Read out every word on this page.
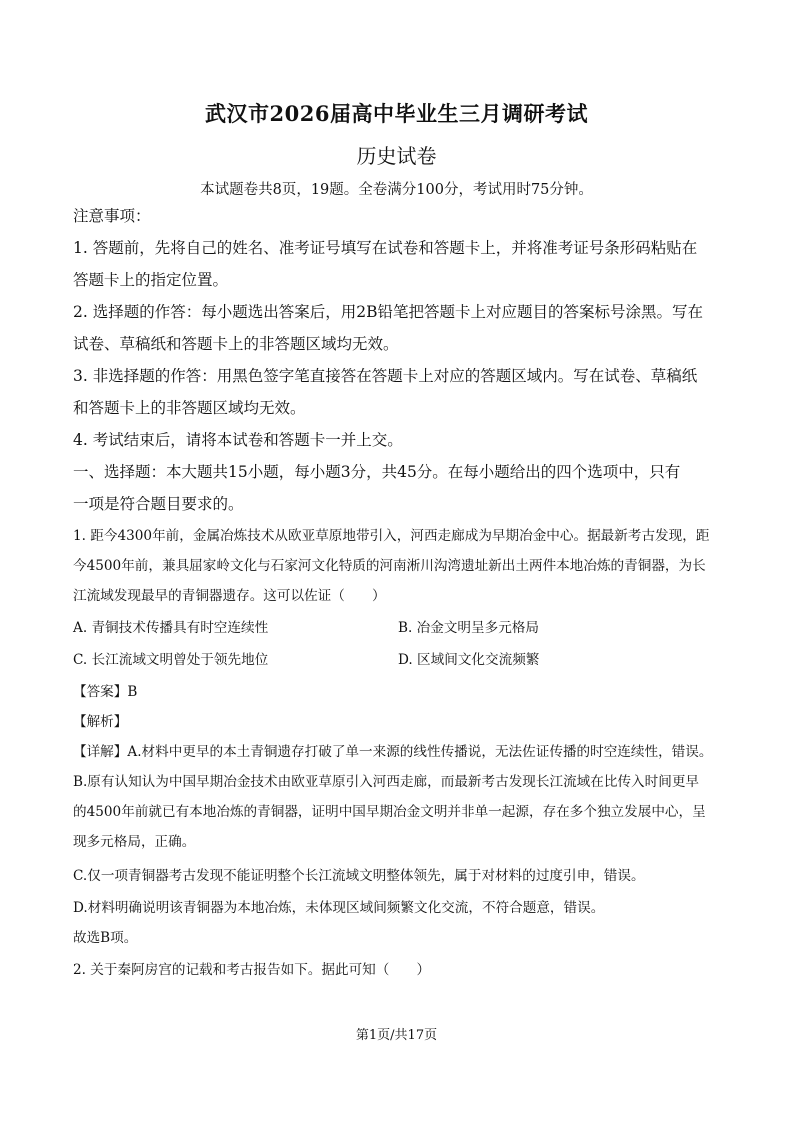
武汉市2026届高中毕业生三月调研考试
历史试卷
本试题卷共8页，19题。全卷满分100分，考试用时75分钟。
注意事项：
1. 答题前，先将自己的姓名、准考证号填写在试卷和答题卡上，并将准考证号条形码粘贴在
答题卡上的指定位置。
2. 选择题的作答：每小题选出答案后，用2B铅笔把答题卡上对应题目的答案标号涂黑。写在
试卷、草稿纸和答题卡上的非答题区域均无效。
3. 非选择题的作答：用黑色签字笔直接答在答题卡上对应的答题区域内。写在试卷、草稿纸
和答题卡上的非答题区域均无效。
4. 考试结束后，请将本试卷和答题卡一并上交。
一、选择题：本大题共15小题，每小题3分，共45分。在每小题给出的四个选项中，只有
一项是符合题目要求的。
1. 距今4300年前，金属冶炼技术从欧亚草原地带引入，河西走廊成为早期冶金中心。据最新考古发现，距
今4500年前，兼具屈家岭文化与石家河文化特质的河南淅川沟湾遗址新出土两件本地冶炼的青铜器，为长
江流域发现最早的青铜器遗存。这可以佐证（　　）
A. 青铜技术传播具有时空连续性	B. 冶金文明呈多元格局
C. 长江流域文明曾处于领先地位	D. 区域间文化交流频繁
【答案】B
【解析】
【详解】A.材料中更早的本土青铜遗存打破了单一来源的线性传播说，无法佐证传播的时空连续性，错误。
B.原有认知认为中国早期冶金技术由欧亚草原引入河西走廊，而最新考古发现长江流域在比传入时间更早
的4500年前就已有本地冶炼的青铜器，证明中国早期冶金文明并非单一起源，存在多个独立发展中心，呈
现多元格局，正确。
C.仅一项青铜器考古发现不能证明整个长江流域文明整体领先，属于对材料的过度引申，错误。
D.材料明确说明该青铜器为本地冶炼，未体现区域间频繁文化交流，不符合题意，错误。
故选B项。
2. 关于秦阿房宫的记载和考古报告如下。据此可知（　　）
第1页/共17页
